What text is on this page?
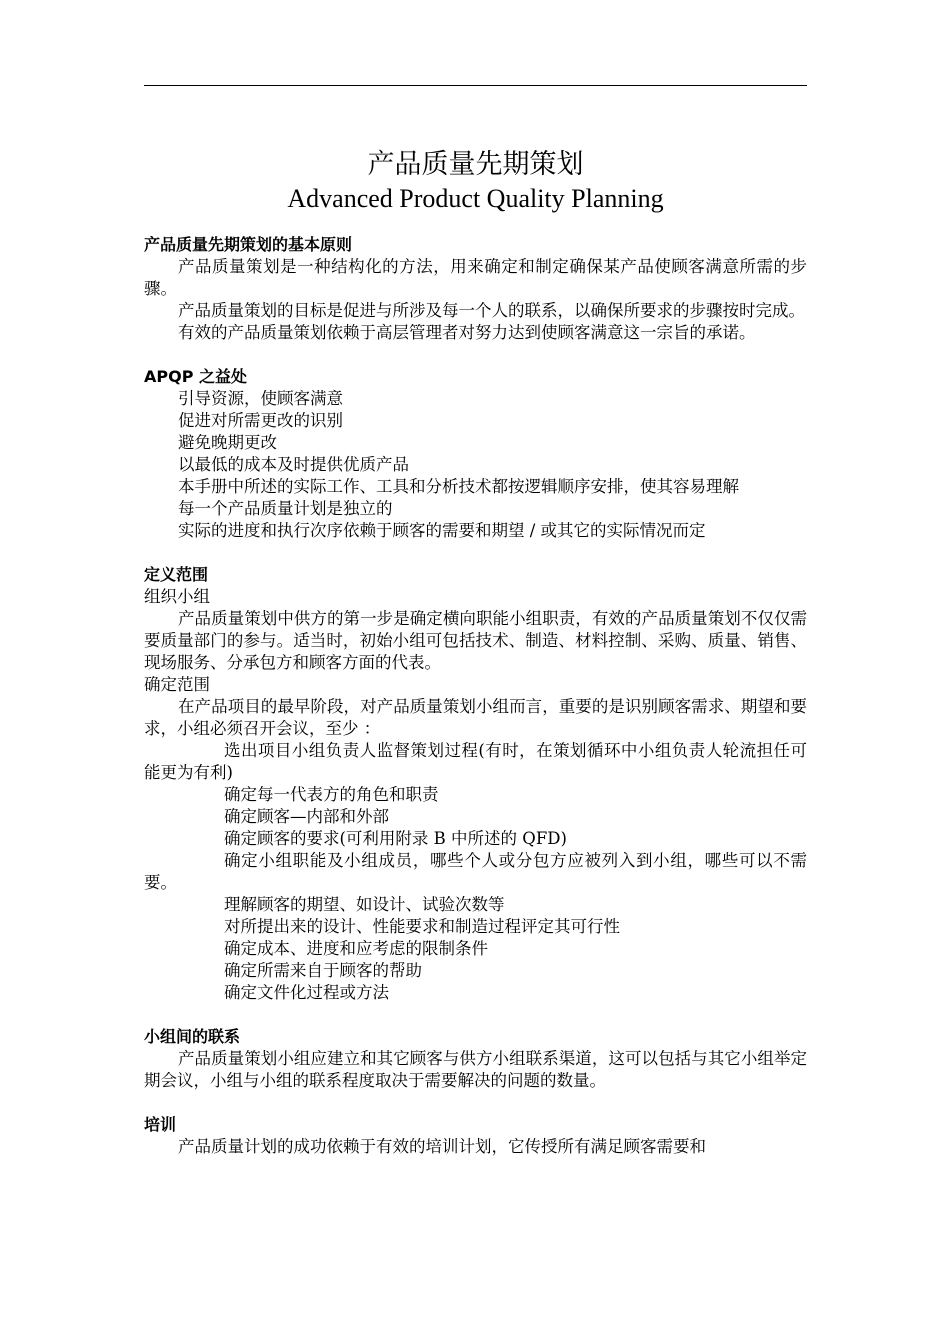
产品质量先期策划
Advanced Product Quality Planning

产品质量先期策划的基本原则

产品质量策划是一种结构化的方法，用来确定和制定确保某产品使顾客满意所需的步骤。

产品质量策划的目标是促进与所涉及每一个人的联系，以确保所要求的步骤按时完成。

有效的产品质量策划依赖于高层管理者对努力达到使顾客满意这一宗旨的承诺。

APQP 之益处

引导资源，使顾客满意

促进对所需更改的识别

避免晚期更改

以最低的成本及时提供优质产品

本手册中所述的实际工作、工具和分析技术都按逻辑顺序安排，使其容易理解

每一个产品质量计划是独立的

实际的进度和执行次序依赖于顾客的需要和期望 / 或其它的实际情况而定

定义范围

组织小组

产品质量策划中供方的第一步是确定横向职能小组职责，有效的产品质量策划不仅仅需要质量部门的参与。适当时，初始小组可包括技术、制造、材料控制、采购、质量、销售、现场服务、分承包方和顾客方面的代表。

确定范围

在产品项目的最早阶段，对产品质量策划小组而言，重要的是识别顾客需求、期望和要求，小组必须召开会议，至少 ：

选出项目小组负责人监督策划过程(有时，在策划循环中小组负责人轮流担任可能更为有利)

确定每一代表方的角色和职责

确定顾客—内部和外部

确定顾客的要求(可利用附录 B 中所述的 QFD)

确定小组职能及小组成员，哪些个人或分包方应被列入到小组，哪些可以不需要。

理解顾客的期望、如设计、试验次数等

对所提出来的设计、性能要求和制造过程评定其可行性

确定成本、进度和应考虑的限制条件

确定所需来自于顾客的帮助

确定文件化过程或方法

小组间的联系

产品质量策划小组应建立和其它顾客与供方小组联系渠道，这可以包括与其它小组举定期会议，小组与小组的联系程度取决于需要解决的问题的数量。

培训

产品质量计划的成功依赖于有效的培训计划，它传授所有满足顾客需要和
